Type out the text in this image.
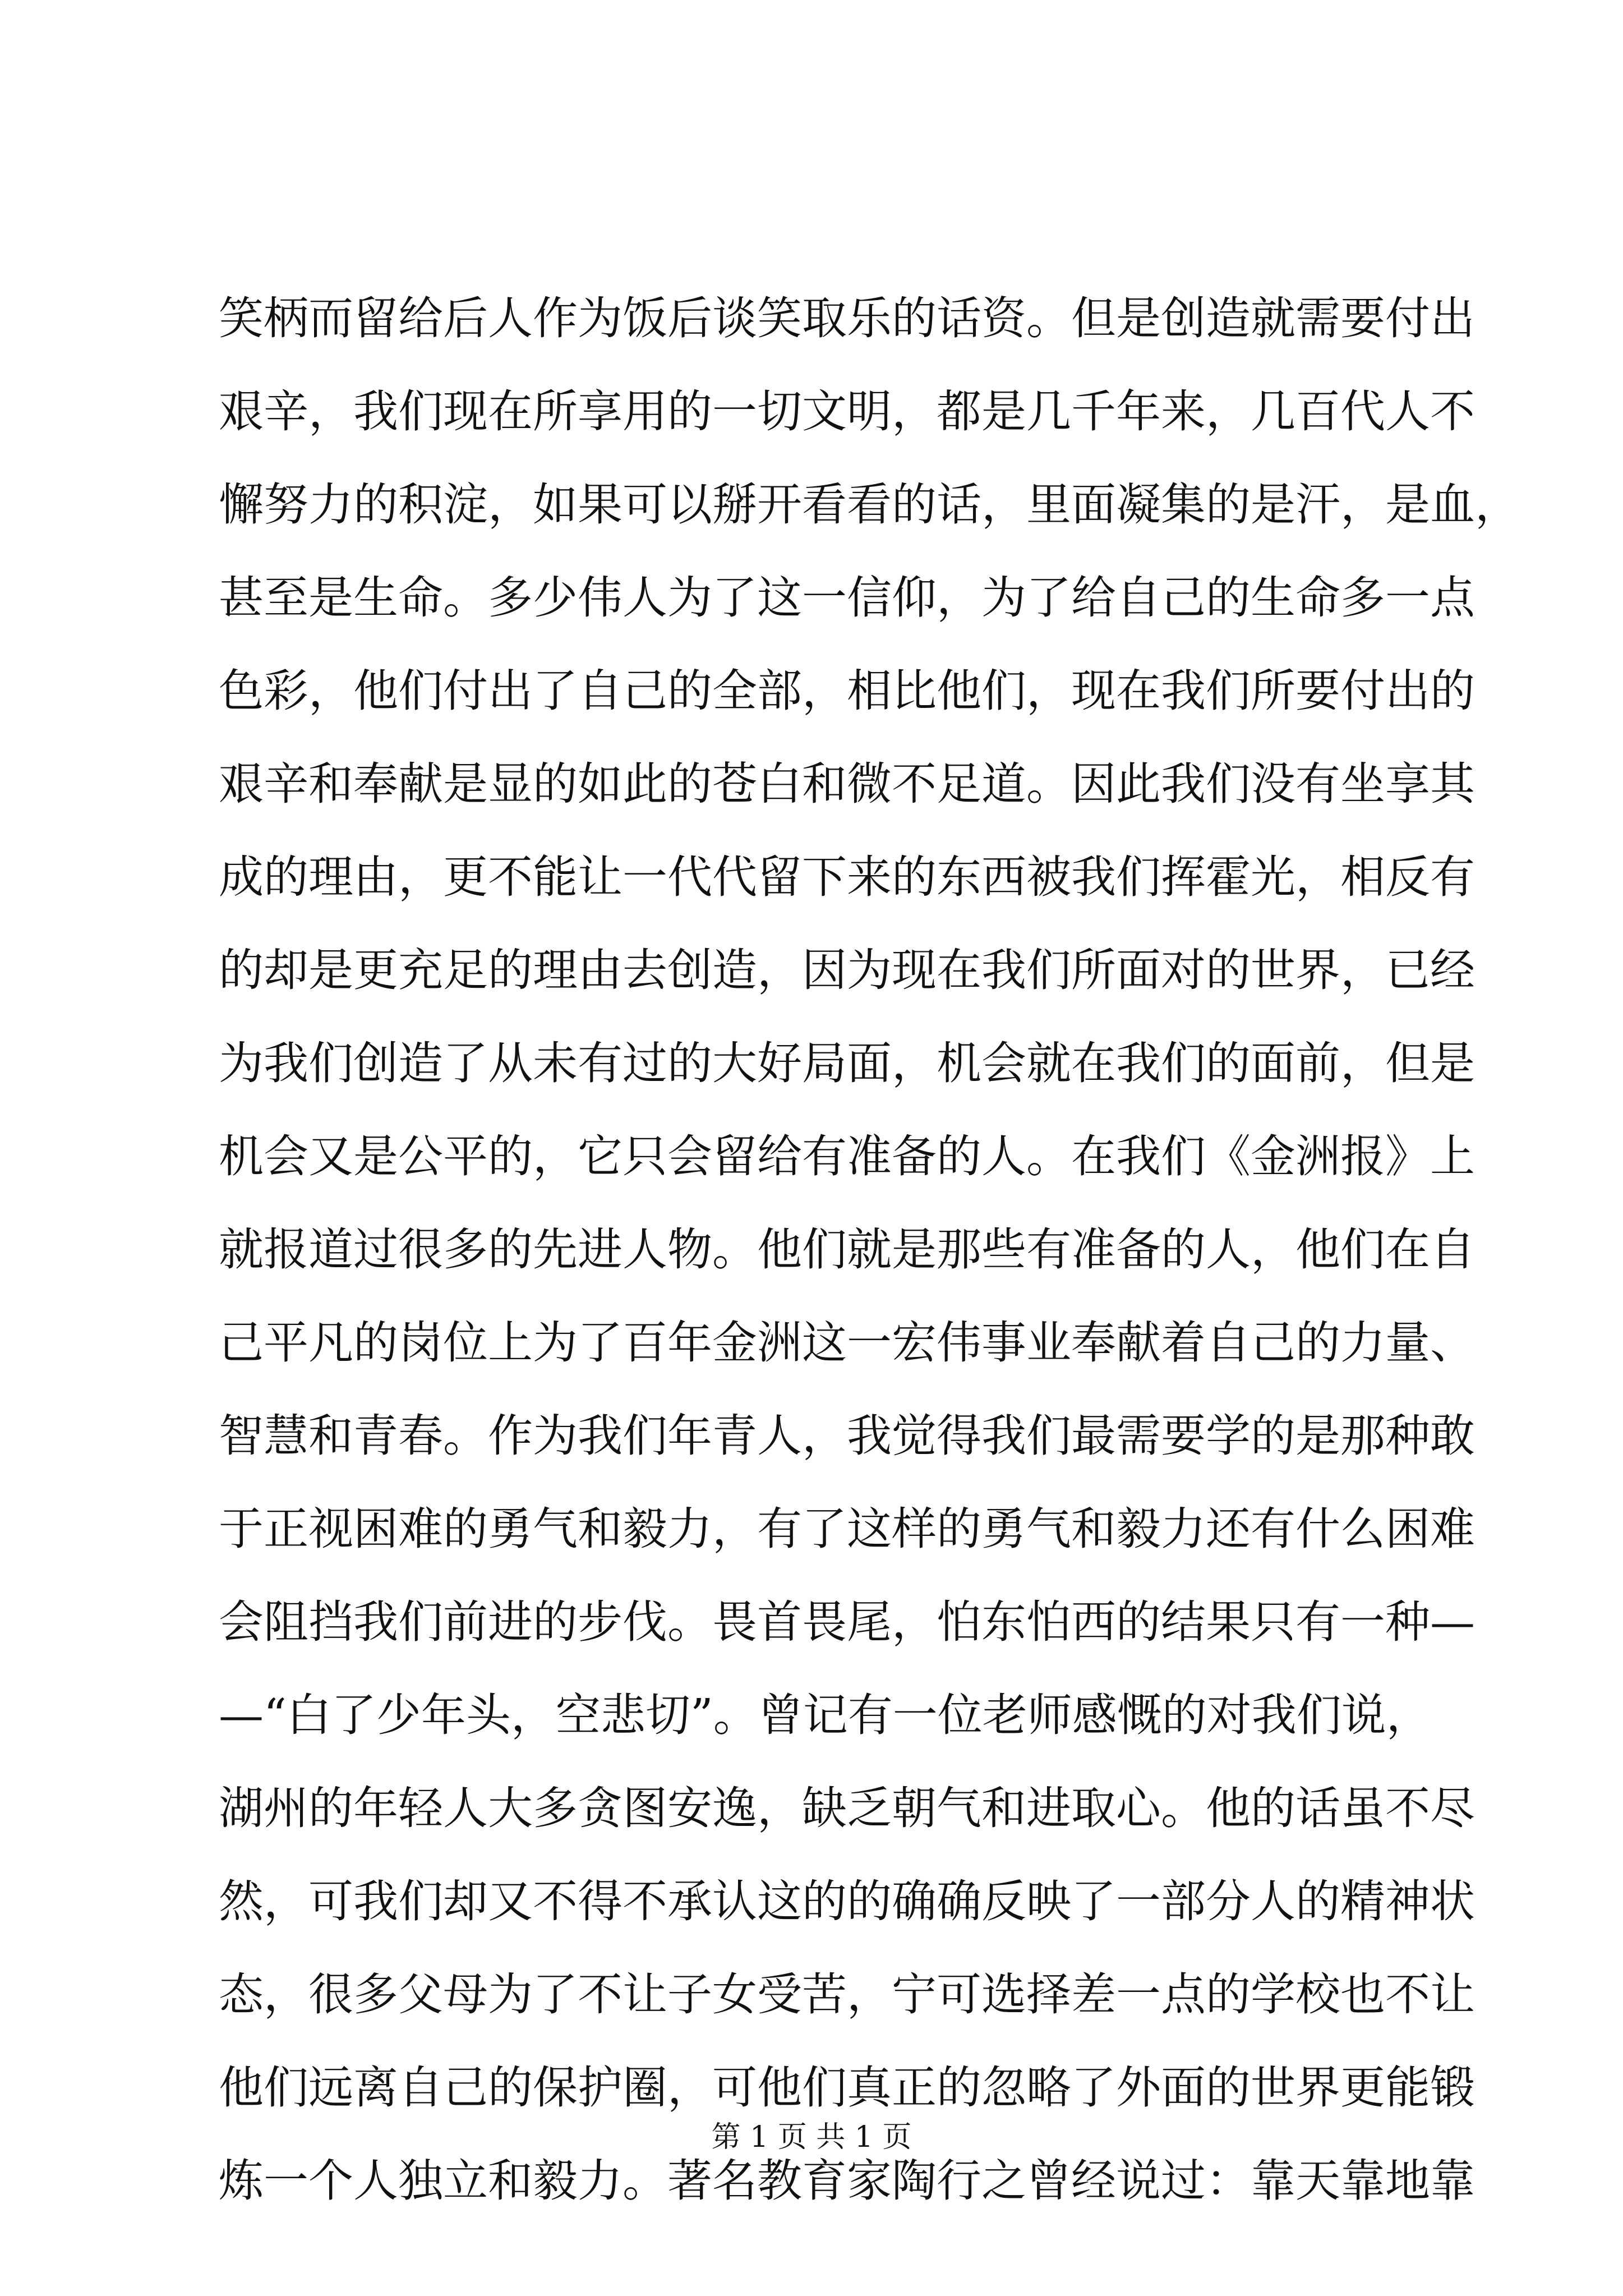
笑柄而留给后人作为饭后谈笑取乐的话资。但是创造就需要付出
艰辛，我们现在所享用的一切文明，都是几千年来，几百代人不
懈努力的积淀，如果可以掰开看看的话，里面凝集的是汗，是血，
甚至是生命。多少伟人为了这一信仰，为了给自己的生命多一点
色彩，他们付出了自己的全部，相比他们，现在我们所要付出的
艰辛和奉献是显的如此的苍白和微不足道。因此我们没有坐享其
成的理由，更不能让一代代留下来的东西被我们挥霍光，相反有
的却是更充足的理由去创造，因为现在我们所面对的世界，已经
为我们创造了从未有过的大好局面，机会就在我们的面前，但是
机会又是公平的，它只会留给有准备的人。在我们《金洲报》上
就报道过很多的先进人物。他们就是那些有准备的人，他们在自
己平凡的岗位上为了百年金洲这一宏伟事业奉献着自己的力量、
智慧和青春。作为我们年青人，我觉得我们最需要学的是那种敢
于正视困难的勇气和毅力，有了这样的勇气和毅力还有什么困难
会阻挡我们前进的步伐。畏首畏尾，怕东怕西的结果只有一种—
—“白了少年头，空悲切”。曾记有一位老师感慨的对我们说，
湖州的年轻人大多贪图安逸，缺乏朝气和进取心。他的话虽不尽
然，可我们却又不得不承认这的的确确反映了一部分人的精神状
态，很多父母为了不让子女受苦，宁可选择差一点的学校也不让
他们远离自己的保护圈，可他们真正的忽略了外面的世界更能锻
炼一个人独立和毅力。著名教育家陶行之曾经说过：靠天靠地靠
第 1 页 共 1 页
